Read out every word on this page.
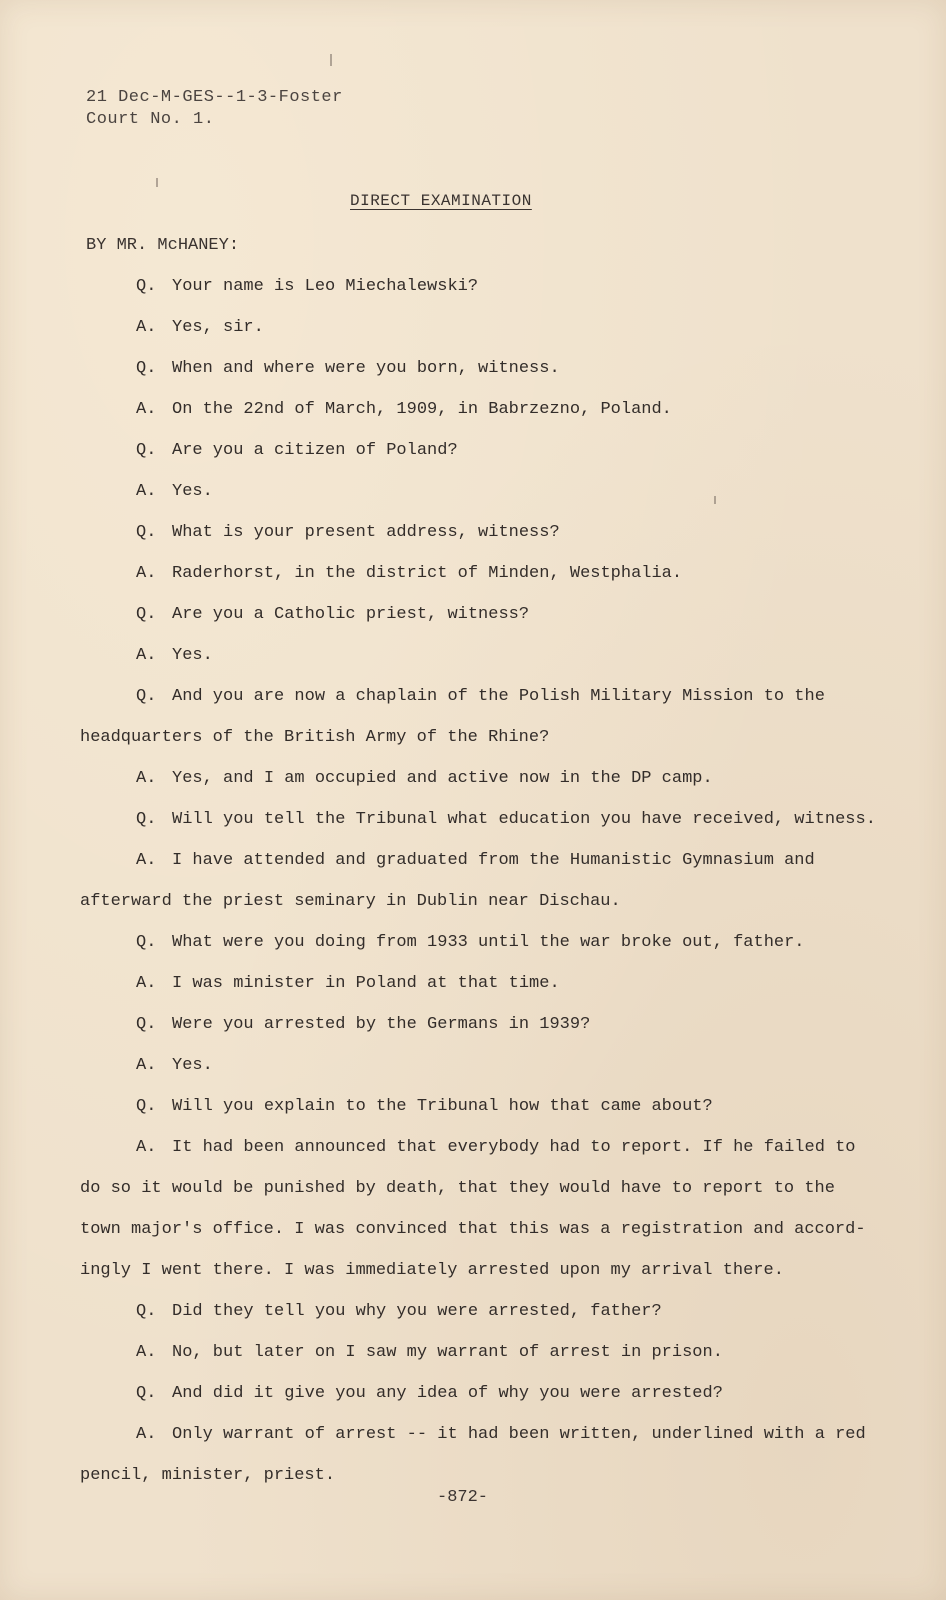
21 Dec-M-GES--1-3-Foster
Court No. 1.
DIRECT EXAMINATION
BY MR. McHANEY:
Q. Your name is Leo Miechalewski?
A. Yes, sir.
Q. When and where were you born, witness.
A. On the 22nd of March, 1909, in Babrzezno, Poland.
Q. Are you a citizen of Poland?
A. Yes.
Q. What is your present address, witness?
A. Raderhorst, in the district of Minden, Westphalia.
Q. Are you a Catholic priest, witness?
A. Yes.
Q. And you are now a chaplain of the Polish Military Mission to the
headquarters of the British Army of the Rhine?
A. Yes, and I am occupied and active now in the DP camp.
Q. Will you tell the Tribunal what education you have received, witness.
A. I have attended and graduated from the Humanistic Gymnasium and
afterward the priest seminary in Dublin near Dischau.
Q. What were you doing from 1933 until the war broke out, father.
A. I was minister in Poland at that time.
Q. Were you arrested by the Germans in 1939?
A. Yes.
Q. Will you explain to the Tribunal how that came about?
A. It had been announced that everybody had to report. If he failed to
do so it would be punished by death, that they would have to report to the
town major's office. I was convinced that this was a registration and accord-
ingly I went there. I was immediately arrested upon my arrival there.
Q. Did they tell you why you were arrested, father?
A. No, but later on I saw my warrant of arrest in prison.
Q. And did it give you any idea of why you were arrested?
A. Only warrant of arrest -- it had been written, underlined with a red
pencil, minister, priest.
-872-
